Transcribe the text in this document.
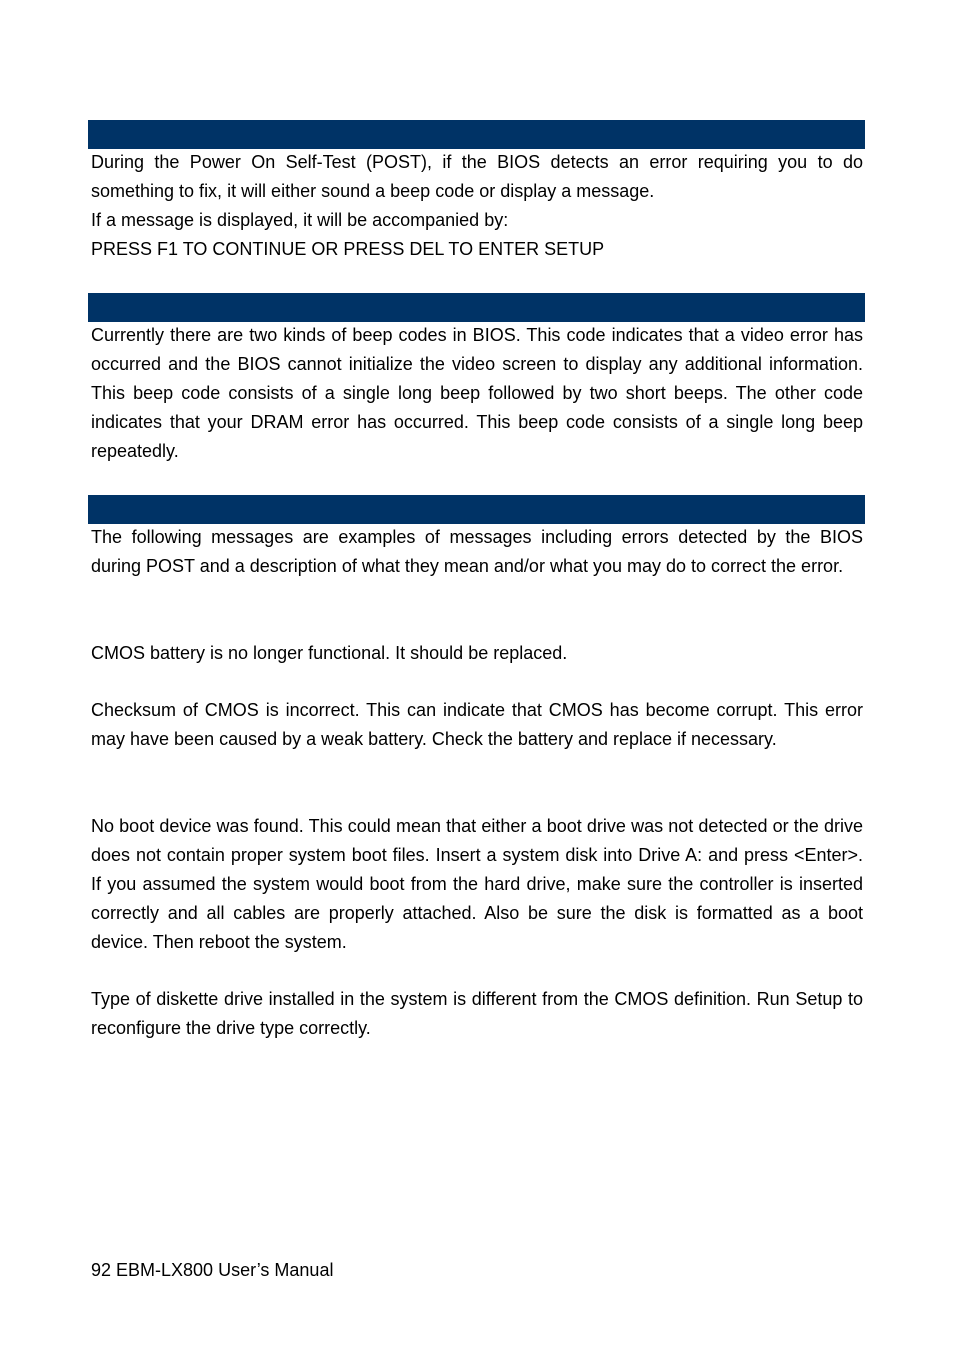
During the Power On Self-Test (POST), if the BIOS detects an error requiring you to do something to fix, it will either sound a beep code or display a message.

If a message is displayed, it will be accompanied by:

PRESS F1 TO CONTINUE OR PRESS DEL TO ENTER SETUP

Currently there are two kinds of beep codes in BIOS. This code indicates that a video error has occurred and the BIOS cannot initialize the video screen to display any additional information. This beep code consists of a single long beep followed by two short beeps. The other code indicates that your DRAM error has occurred. This beep code consists of a single long beep repeatedly.

The following messages are examples of messages including errors detected by the BIOS during POST and a description of what they mean and/or what you may do to correct the error.

CMOS battery is no longer functional. It should be replaced.

Checksum of CMOS is incorrect. This can indicate that CMOS has become corrupt. This error may have been caused by a weak battery. Check the battery and replace if necessary.

No boot device was found. This could mean that either a boot drive was not detected or the drive does not contain proper system boot files. Insert a system disk into Drive A: and press <Enter>. If you assumed the system would boot from the hard drive, make sure the controller is inserted correctly and all cables are properly attached. Also be sure the disk is formatted as a boot device. Then reboot the system.

Type of diskette drive installed in the system is different from the CMOS definition. Run Setup to reconfigure the drive type correctly.

92 EBM-LX800 User’s Manual
